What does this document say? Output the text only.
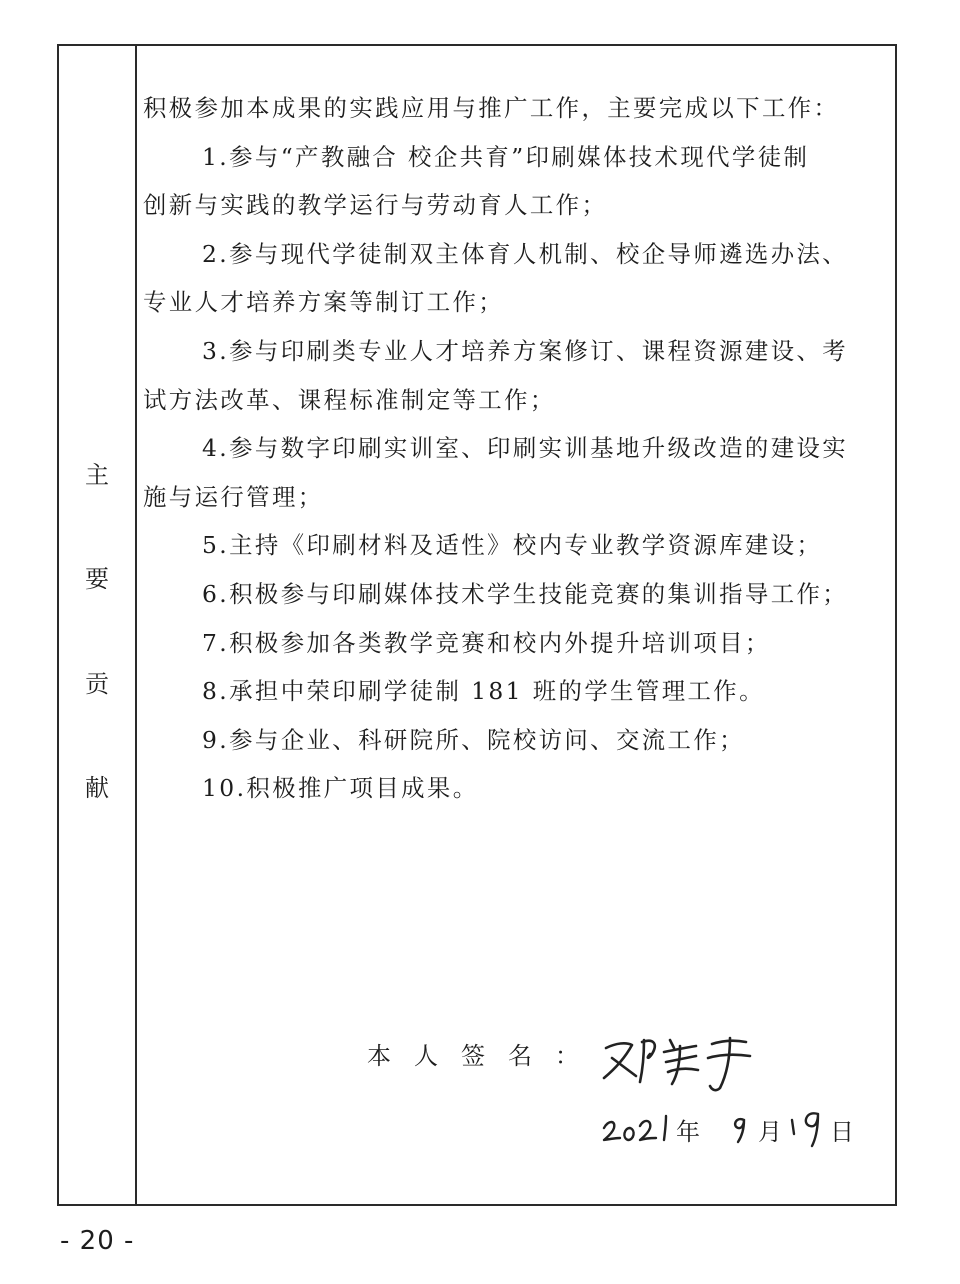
主
要
贡
献

积极参加本成果的实践应用与推广工作，主要完成以下工作：

1.参与“产教融合 校企共育”印刷媒体技术现代学徒制

创新与实践的教学运行与劳动育人工作；

2.参与现代学徒制双主体育人机制、校企导师遴选办法、

专业人才培养方案等制订工作；

3.参与印刷类专业人才培养方案修订、课程资源建设、考

试方法改革、课程标准制定等工作；

4.参与数字印刷实训室、印刷实训基地升级改造的建设实

施与运行管理；

5.主持《印刷材料及适性》校内专业教学资源库建设；

6.积极参与印刷媒体技术学生技能竞赛的集训指导工作；

7.积极参加各类教学竞赛和校内外提升培训项目；

8.承担中荣印刷学徒制 181 班的学生管理工作。

9.参与企业、科研院所、院校访问、交流工作；

10.积极推广项目成果。

本人签名：
年 月 日
- 20 -
